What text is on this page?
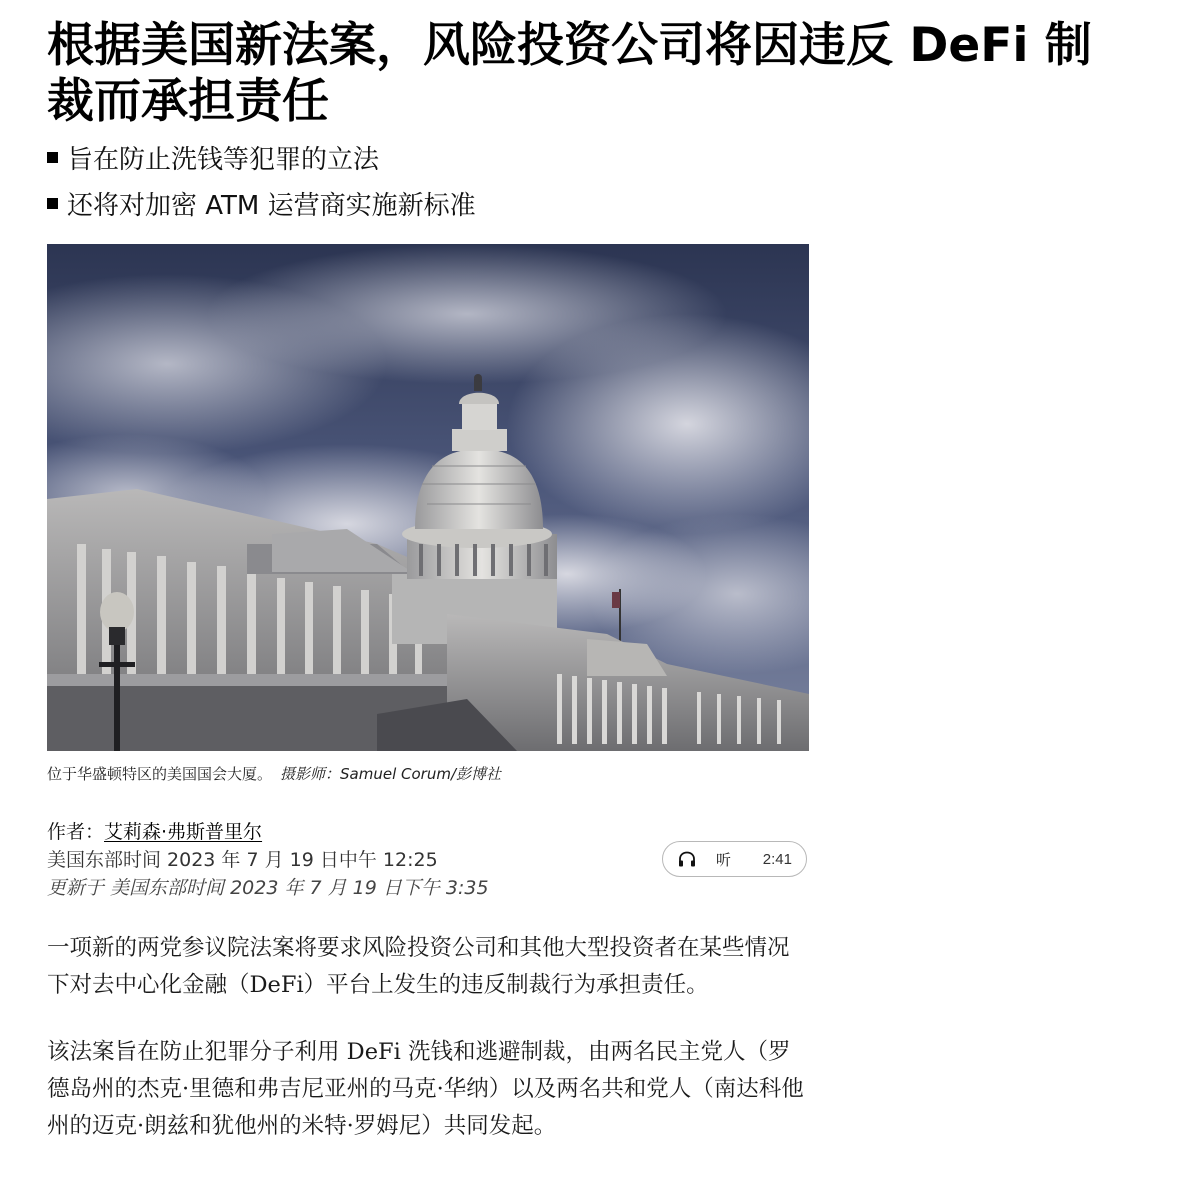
根据美国新法案，风险投资公司将因违反 DeFi 制裁而承担责任
旨在防止洗钱等犯罪的立法
还将对加密 ATM 运营商实施新标准
位于华盛顿特区的美国国会大厦。 摄影师：Samuel Corum/彭博社
作者：艾莉森·弗斯普里尔
美国东部时间 2023 年 7 月 19 日中午 12:25
更新于 美国东部时间 2023 年 7 月 19 日下午 3:35
听 2:41

一项新的两党参议院法案将要求风险投资公司和其他大型投资者在某些情况下对去中心化金融（DeFi）平台上发生的违反制裁行为承担责任。

该法案旨在防止犯罪分子利用 DeFi 洗钱和逃避制裁，由两名民主党人（罗德岛州的杰克·里德和弗吉尼亚州的马克·华纳）以及两名共和党人（南达科他州的迈克·朗兹和犹他州的米特·罗姆尼）共同发起。
